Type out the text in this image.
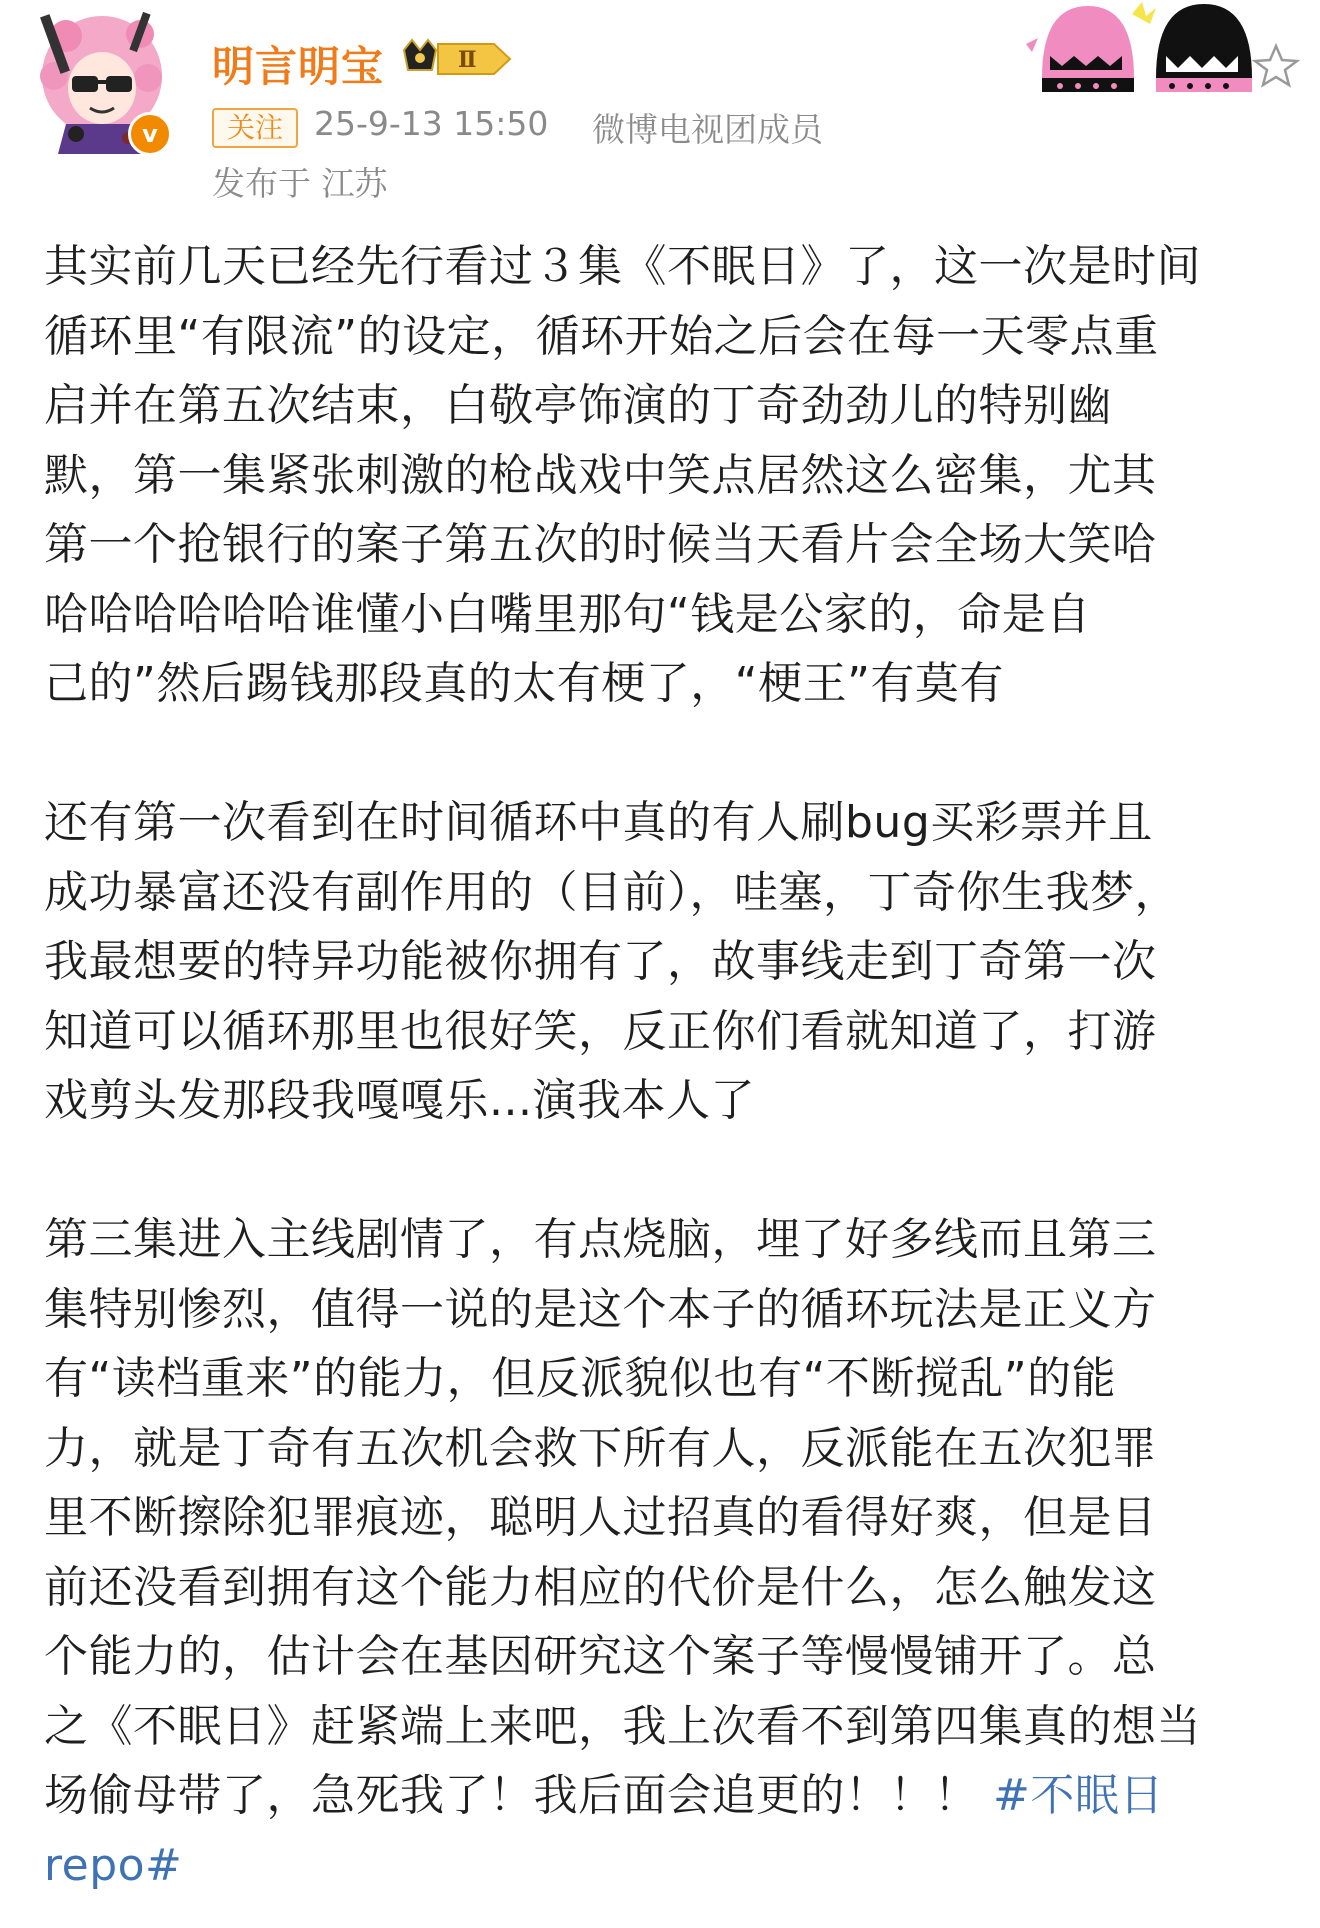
v
明言明宝	Ⅱ
关注 25-9-13 15:50 微博电视团成员
发布于 江苏

其实前几天已经先行看过３集《不眠日》了，这一次是时间
循环里“有限流”的设定，循环开始之后会在每一天零点重
启并在第五次结束，白敬亭饰演的丁奇劲劲儿的特别幽
默，第一集紧张刺激的枪战戏中笑点居然这么密集，尤其
第一个抢银行的案子第五次的时候当天看片会全场大笑哈
哈哈哈哈哈哈谁懂小白嘴里那句“钱是公家的，命是自
己的”然后踢钱那段真的太有梗了，“梗王”有莫有

还有第一次看到在时间循环中真的有人刷bug买彩票并且
成功暴富还没有副作用的（目前），哇塞，丁奇你生我梦，
我最想要的特异功能被你拥有了，故事线走到丁奇第一次
知道可以循环那里也很好笑，反正你们看就知道了，打游
戏剪头发那段我嘎嘎乐...演我本人了

第三集进入主线剧情了，有点烧脑，埋了好多线而且第三
集特别惨烈，值得一说的是这个本子的循环玩法是正义方
有“读档重来”的能力，但反派貌似也有“不断搅乱”的能
力，就是丁奇有五次机会救下所有人，反派能在五次犯罪
里不断擦除犯罪痕迹，聪明人过招真的看得好爽，但是目
前还没看到拥有这个能力相应的代价是什么，怎么触发这
个能力的，估计会在基因研究这个案子等慢慢铺开了。总
之《不眠日》赶紧端上来吧，我上次看不到第四集真的想当
场偷母带了，急死我了！我后面会追更的！！！ #不眠日
repo#
